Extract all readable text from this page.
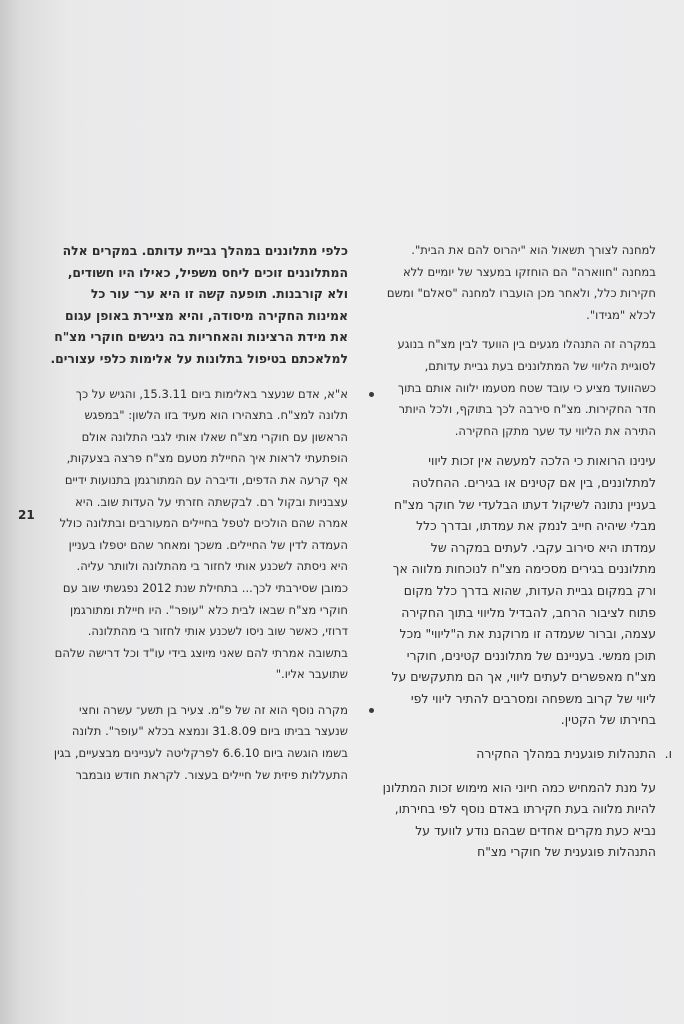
21

כלפי מתלוננים במהלך גביית עדותם. במקרים אלה המתלוננים זוכים ליחס משפיל, כאילו היו חשודים, ולא קורבנות. תופעה קשה זו היא ער־ עור כל אמינות החקירה מיסודה, והיא מציירת באופן עגום את מידת הרצינות והאחריות בה ניגשים חוקרי מצ"ח למלאכתם בטיפול בתלונות על אלימות כלפי עצורים.

א"א, אדם שנעצר באלימות ביום 15.3.11, והגיש על כך תלונה למצ"ח. בתצהירו הוא מעיד בזו הלשון: "במפגש הראשון עם חוקרי מצ"ח שאלו אותי לגבי התלונה אולם הופתעתי לראות איך החיילת מטעם מצ"ח פרצה בצעקות, אף קרעה את הדפים, ודיברה עם המתורגמן בתנועות ידיים עצבניות ובקול רם. לבקשתה חזרתי על העדות שוב. היא אמרה שהם הולכים לטפל בחיילים המעורבים ובתלונה כולל העמדה לדין של החיילים. משכך ומאחר שהם יטפלו בעניין היא ניסתה לשכנע אותי לחזור בי מהתלונה ולוותר עליה. כמובן שסירבתי לכך... בתחילת שנת 2012 נפגשתי שוב עם חוקרי מצ"ח שבאו לבית כלא "עופר". היו חיילת ומתורגמן דרוזי, כאשר שוב ניסו לשכנע אותי לחזור בי מהתלונה. בתשובה אמרתי להם שאני מיוצג בידי עו"ד וכל דרישה שלהם שתועבר אליו."

מקרה נוסף הוא זה של פ"מ. צעיר בן תשע־ עשרה וחצי שנעצר בביתו ביום 31.8.09 ונמצא בכלא "עופר". תלונה בשמו הוגשה ביום 6.6.10 לפרקליטה לעניינים מבצעיים, בגין התעללות פיזית של חיילים בעצור. לקראת חודש נובמבר

למחנה לצורך תשאול הוא "יהרוס להם את הבית". במחנה "חווארה" הם הוחזקו במעצר של יומיים ללא חקירות כלל, ולאחר מכן הועברו למחנה "סאלם" ומשם לכלא "מגידו".

במקרה זה התנהלו מגעים בין הוועד לבין מצ"ח בנוגע לסוגיית הליווי של המתלוננים בעת גביית עדותם, כשהוועד מציע כי עובד שטח מטעמו ילווה אותם בתוך חדר החקירות. מצ"ח סירבה לכך בתוקף, ולכל היותר התירה את הליווי עד שער מתקן החקירה.

עינינו הרואות כי הלכה למעשה אין זכות ליווי למתלוננים, בין אם קטינים או בגירים. ההחלטה בעניין נתונה לשיקול דעתו הבלעדי של חוקר מצ"ח מבלי שיהיה חייב לנמק את עמדתו, ובדרך כלל עמדתו היא סירוב עקבי. לעתים במקרה של מתלוננים בגירים מסכימה מצ"ח לנוכחות מלווה אך ורק במקום גביית העדות, שהוא בדרך כלל מקום פתוח לציבור הרחב, להבדיל מליווי בתוך החקירה עצמה, וברור שעמדה זו מרוקנת את ה"ליווי" מכל תוכן ממשי. בעניינם של מתלוננים קטינים, חוקרי מצ"ח מאפשרים לעתים ליווי, אך הם מתעקשים על ליווי של קרוב משפחה ומסרבים להתיר ליווי לפי בחירתו של הקטין.

ו.
התנהלות פוגענית במהלך החקירה

על מנת להמחיש כמה חיוני הוא מימוש זכות המתלונן להיות מלווה בעת חקירתו באדם נוסף לפי בחירתו, נביא כעת מקרים אחדים שבהם נודע לוועד על התנהלות פוגענית של חוקרי מצ"ח
